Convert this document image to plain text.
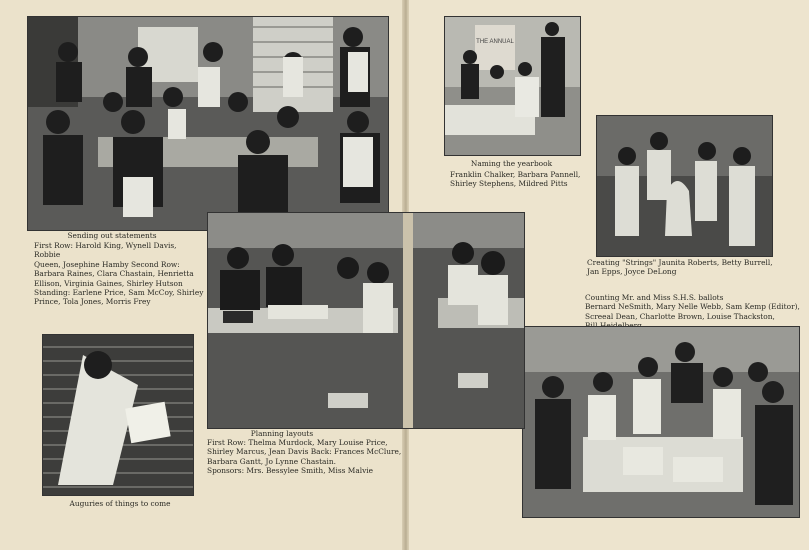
Sending out statements
First Row: Harold King, Wynell Davis, Robbie
Queen, Josephine Hamby Second Row:
Barbara Raines, Clara Chastain, Henrietta
Ellison, Virginia Gaines, Shirley Hutson
Standing: Earlene Price, Sam McCoy, Shirley
Prince, Tola Jones, Morris Frey
Auguries of things to come
THE ANNUAL
Naming the yearbook
Franklin Chalker, Barbara Pannell,
Shirley Stephens, Mildred Pitts
Creating "Strings" Jaunita Roberts, Betty Burrell,
Jan Epps, Joyce DeLong
Counting Mr. and Miss S.H.S. ballots
Bernard NeSmith, Mary Nelle Webb, Sam Kemp (Editor),
Screeal Dean, Charlotte Brown, Louise Thackston,
Planning layouts
First Row: Thelma Murdock, Mary Louise Price,
Shirley Marcus, Jean Davis Back: Frances McClure,
Barbara Gantt, Jo Lynne Chastain.
Sponsors: Mrs. Bessylee Smith, Miss Malvie
